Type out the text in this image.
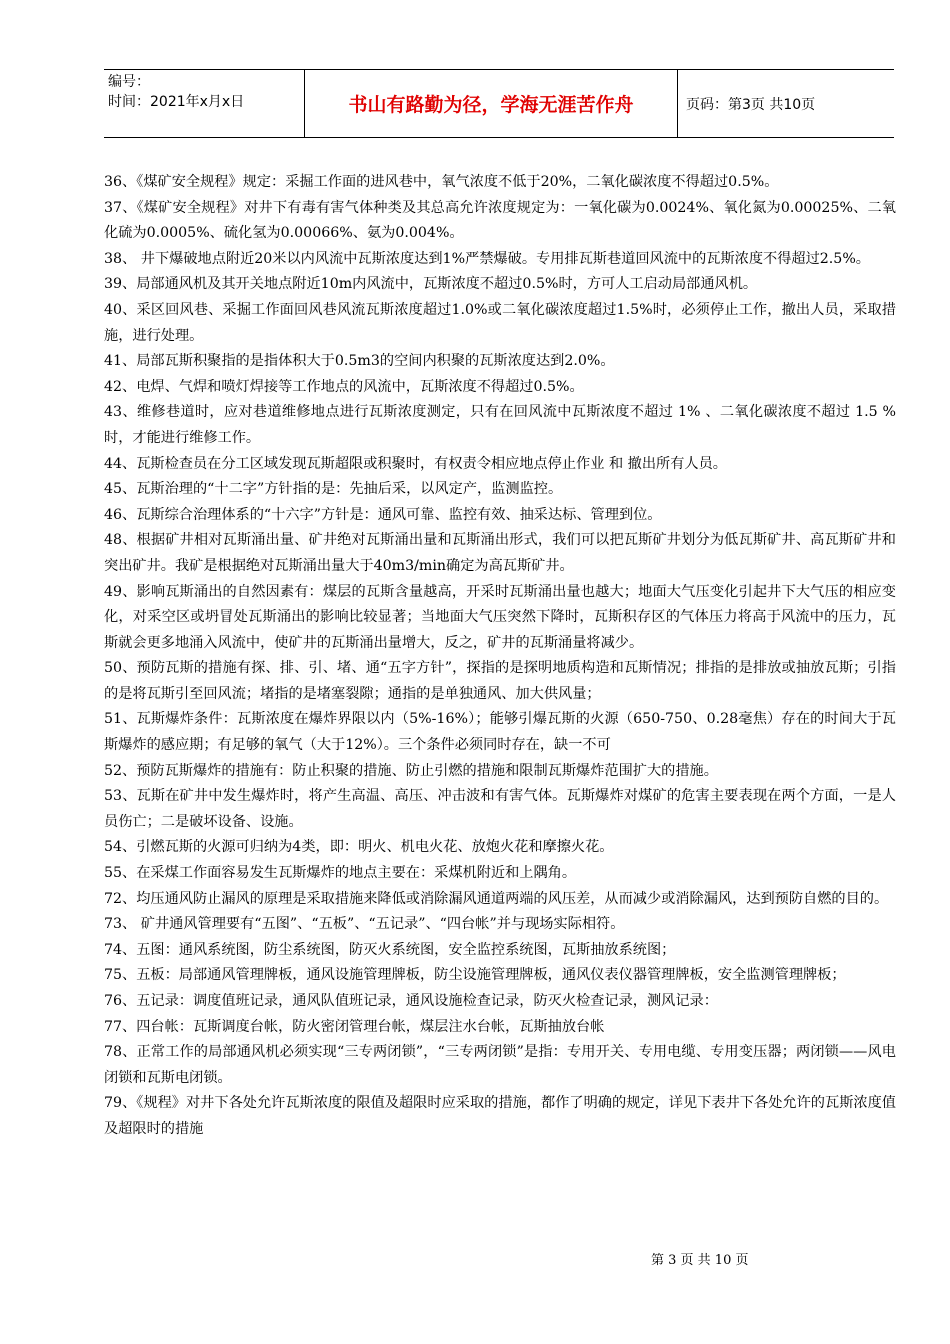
编号：
时间：2021年x月x日	书山有路勤为径，学海无涯苦作舟	页码：第3页 共10页

36、《煤矿安全规程》规定：采掘工作面的进风巷中，氧气浓度不低于20%，二氧化碳浓度不得超过0.5%。

37、《煤矿安全规程》对井下有毒有害气体种类及其总高允许浓度规定为：一氧化碳为0.0024%、氧化氮为0.00025%、二氧化硫为0.0005%、硫化氢为0.00066%、氨为0.004%。

38、 井下爆破地点附近20米以内风流中瓦斯浓度达到1%严禁爆破。专用排瓦斯巷道回风流中的瓦斯浓度不得超过2.5%。

39、局部通风机及其开关地点附近10m内风流中，瓦斯浓度不超过0.5%时，方可人工启动局部通风机。

40、采区回风巷、采掘工作面回风巷风流瓦斯浓度超过1.0%或二氧化碳浓度超过1.5%时，必须停止工作，撤出人员，采取措施，进行处理。

41、局部瓦斯积聚指的是指体积大于0.5m3的空间内积聚的瓦斯浓度达到2.0%。

42、电焊、气焊和喷灯焊接等工作地点的风流中，瓦斯浓度不得超过0.5%。

43、维修巷道时，应对巷道维修地点进行瓦斯浓度测定，只有在回风流中瓦斯浓度不超过 1% 、二氧化碳浓度不超过 1.5 %时，才能进行维修工作。

44、瓦斯检查员在分工区域发现瓦斯超限或积聚时，有权责令相应地点停止作业 和 撤出所有人员。

45、瓦斯治理的“十二字”方针指的是：先抽后采，以风定产，监测监控。

46、瓦斯综合治理体系的“十六字”方针是：通风可靠、监控有效、抽采达标、管理到位。

48、根据矿井相对瓦斯涌出量、矿井绝对瓦斯涌出量和瓦斯涌出形式，我们可以把瓦斯矿井划分为低瓦斯矿井、高瓦斯矿井和突出矿井。我矿是根据绝对瓦斯涌出量大于40m3/min确定为高瓦斯矿井。

49、影响瓦斯涌出的自然因素有：煤层的瓦斯含量越高，开采时瓦斯涌出量也越大；地面大气压变化引起井下大气压的相应变化，对采空区或坍冒处瓦斯涌出的影响比较显著；当地面大气压突然下降时，瓦斯积存区的气体压力将高于风流中的压力，瓦斯就会更多地涌入风流中，使矿井的瓦斯涌出量增大，反之，矿井的瓦斯涌量将减少。

50、预防瓦斯的措施有探、排、引、堵、通“五字方针”，探指的是探明地质构造和瓦斯情况；排指的是排放或抽放瓦斯；引指的是将瓦斯引至回风流；堵指的是堵塞裂隙；通指的是单独通风、加大供风量；

51、瓦斯爆炸条件：瓦斯浓度在爆炸界限以内（5%-16%）；能够引爆瓦斯的火源（650-750、0.28毫焦）存在的时间大于瓦斯爆炸的感应期；有足够的氧气（大于12%）。三个条件必须同时存在，缺一不可

52、预防瓦斯爆炸的措施有：防止积聚的措施、防止引燃的措施和限制瓦斯爆炸范围扩大的措施。

53、瓦斯在矿井中发生爆炸时，将产生高温、高压、冲击波和有害气体。瓦斯爆炸对煤矿的危害主要表现在两个方面，一是人员伤亡；二是破坏设备、设施。

54、引燃瓦斯的火源可归纳为4类，即：明火、机电火花、放炮火花和摩擦火花。

55、在采煤工作面容易发生瓦斯爆炸的地点主要在：采煤机附近和上隅角。

72、均压通风防止漏风的原理是采取措施来降低或消除漏风通道两端的风压差，从而减少或消除漏风，达到预防自燃的目的。

73、 矿井通风管理要有“五图”、“五板”、“五记录”、“四台帐”并与现场实际相符。

74、五图：通风系统图，防尘系统图，防灭火系统图，安全监控系统图，瓦斯抽放系统图；

75、五板：局部通风管理牌板，通风设施管理牌板，防尘设施管理牌板，通风仪表仪器管理牌板，安全监测管理牌板；

76、五记录：调度值班记录，通风队值班记录，通风设施检查记录，防灭火检查记录，测风记录：

77、四台帐：瓦斯调度台帐，防火密闭管理台帐，煤层注水台帐，瓦斯抽放台帐

78、正常工作的局部通风机必须实现“三专两闭锁”，“三专两闭锁”是指：专用开关、专用电缆、专用变压器；两闭锁——风电闭锁和瓦斯电闭锁。

79、《规程》对井下各处允许瓦斯浓度的限值及超限时应采取的措施，都作了明确的规定，详见下表井下各处允许的瓦斯浓度值及超限时的措施

第 3 页 共 10 页
